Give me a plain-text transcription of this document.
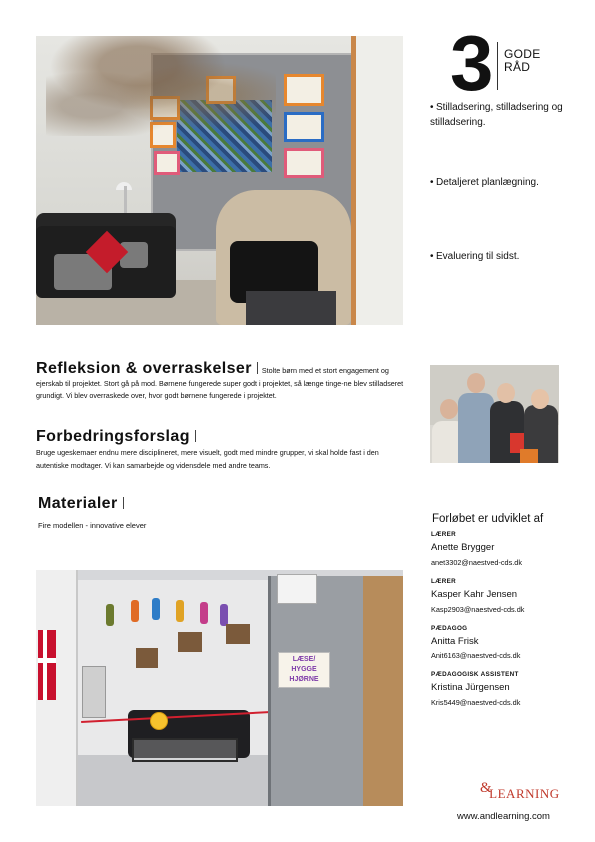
3 GODE
RÅD
• Stilladsering, stilladsering og stilladsering.
• Detaljeret planlægning.
• Evaluering til sidst.
Refleksion & overraskelser Stolte børn med et stort engagement og ejerskab til projektet. Stort gå på mod. Børnene fungerede super godt i projektet, så længe tinge-ne blev stilladseret grundigt. Vi blev overraskede over, hvor godt børnene fungerede i projektet.
Forbedringsforslag
Bruge ugeskemaer endnu mere disciplineret, mere visuelt, godt med mindre grupper, vi skal holde fast i den autentiske modtager. Vi kan samarbejde og vidensdele med andre teams.
Materialer
Fire modellen - innovative elever
Forløbet er udviklet af
LÆRER
Anette Brygger
anet3302@naestved-cds.dk
LÆRER
Kasper Kahr Jensen
Kasp2903@naestved-cds.dk
PÆDAGOG
Anitta Frisk
Anit6163@naestved-cds.dk
PÆDAGOGISK ASSISTENT
Kristina Jürgensen
Kris5449@naestved-cds.dk
LÆSE/
HYGGE
HJØRNE
&LEARNING
www.andlearning.com
